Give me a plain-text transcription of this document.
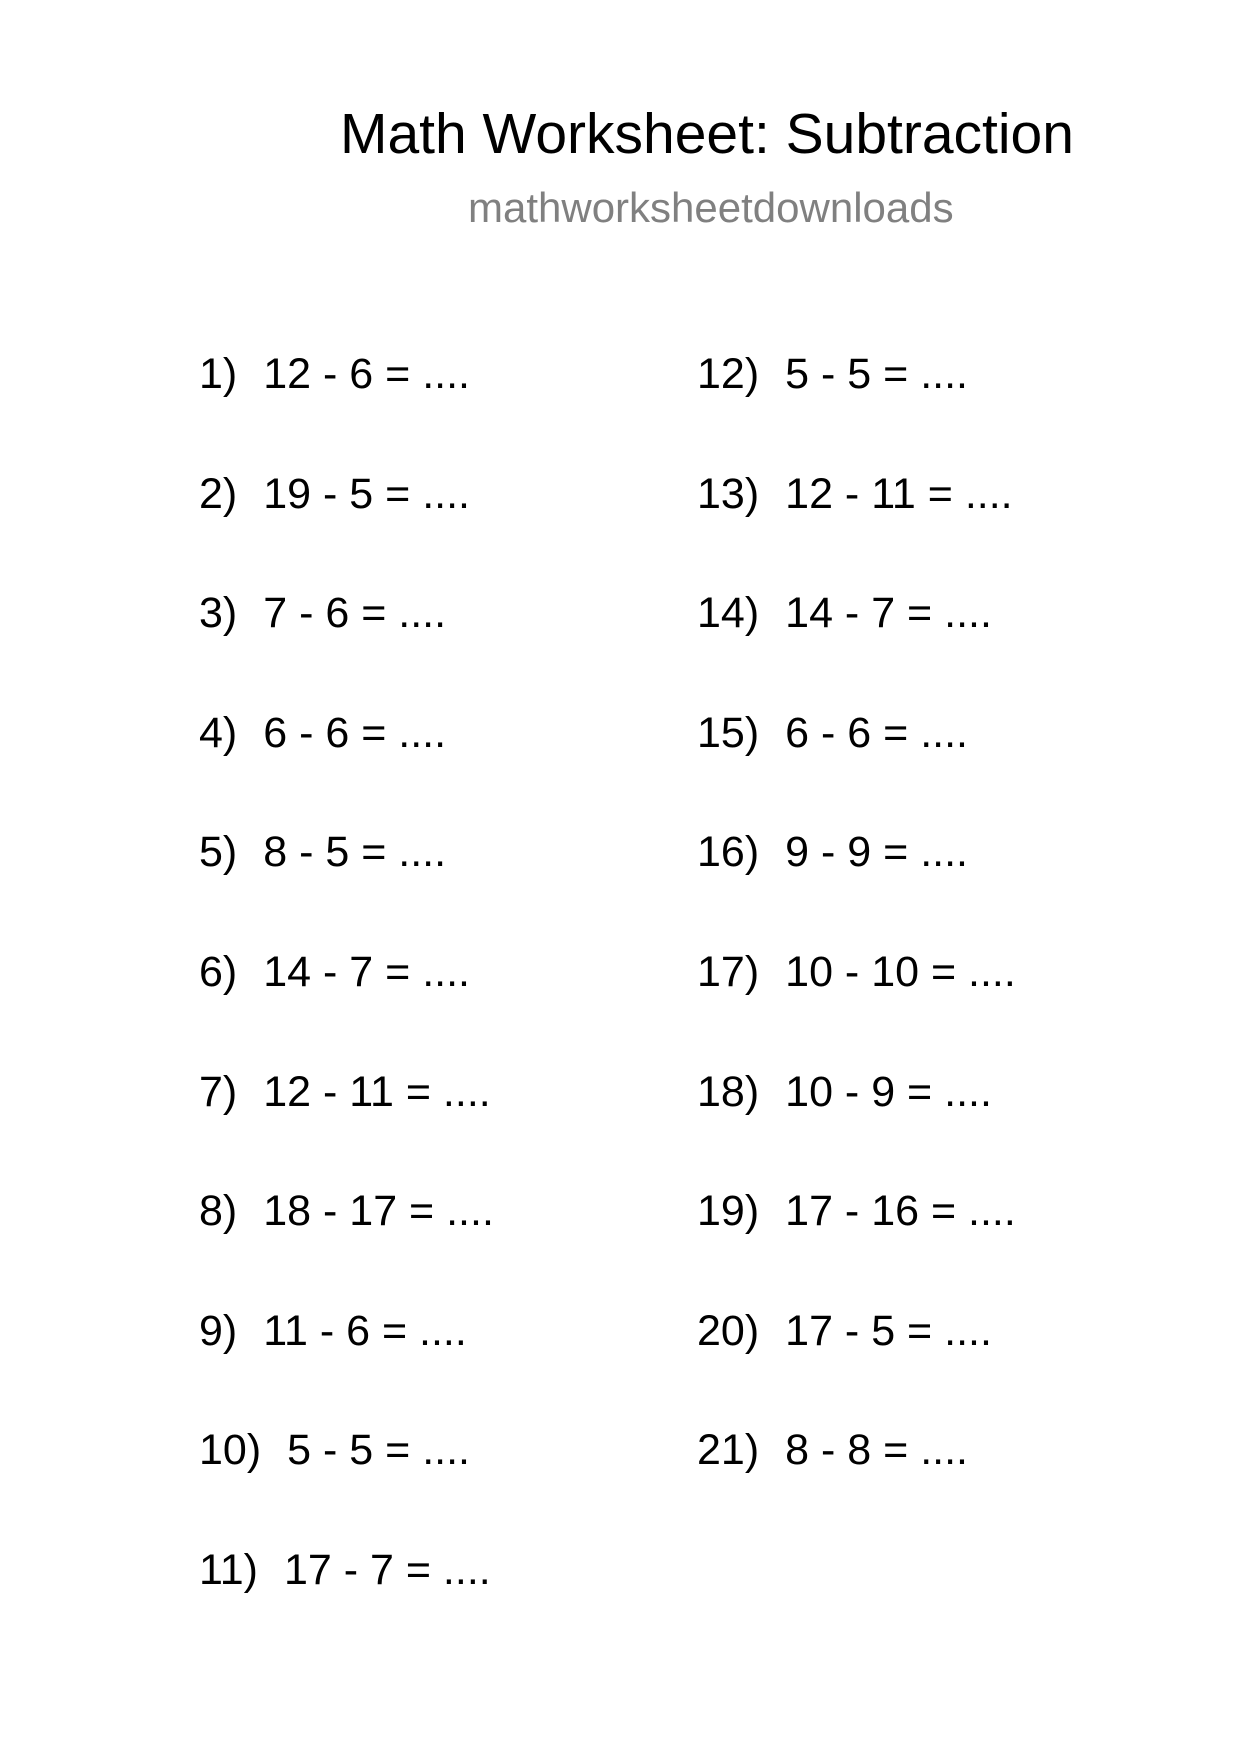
Math Worksheet: Subtraction
mathworksheetdownloads
1) 12 - 6 = ....
2) 19 - 5 = ....
3) 7 - 6 = ....
4) 6 - 6 = ....
5) 8 - 5 = ....
6) 14 - 7 = ....
7) 12 - 11 = ....
8) 18 - 17 = ....
9) 11 - 6 = ....
10) 5 - 5 = ....
11) 17 - 7 = ....
12) 5 - 5 = ....
13) 12 - 11 = ....
14) 14 - 7 = ....
15) 6 - 6 = ....
16) 9 - 9 = ....
17) 10 - 10 = ....
18) 10 - 9 = ....
19) 17 - 16 = ....
20) 17 - 5 = ....
21) 8 - 8 = ....
